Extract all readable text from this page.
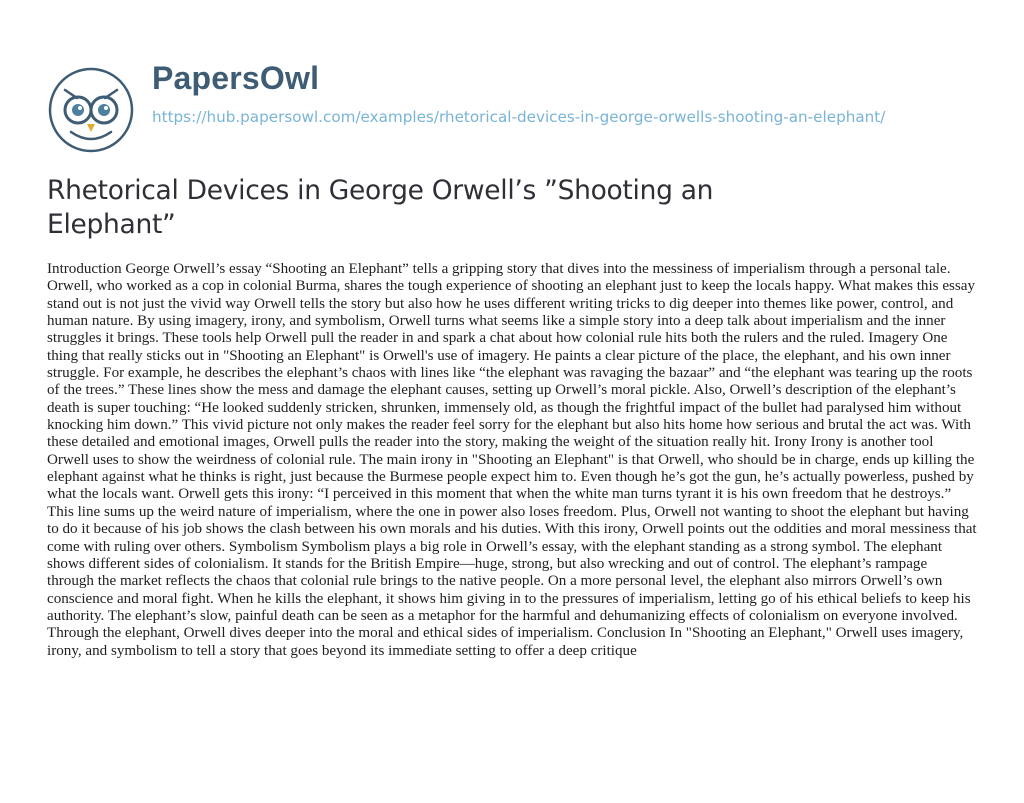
PapersOwl
https://hub.papersowl.com/examples/rhetorical-devices-in-george-orwells-shooting-an-elephant/
Rhetorical Devices in George Orwell’s ”Shooting an Elephant”

Introduction George Orwell’s essay “Shooting an Elephant” tells a gripping story that dives into the messiness of imperialism through a personal tale. Orwell, who worked as a cop in colonial Burma, shares the tough experience of shooting an elephant just to keep the locals happy. What makes this essay stand out is not just the vivid way Orwell tells the story but also how he uses different writing tricks to dig deeper into themes like power, control, and human nature. By using imagery, irony, and symbolism, Orwell turns what seems like a simple story into a deep talk about imperialism and the inner struggles it brings. These tools help Orwell pull the reader in and spark a chat about how colonial rule hits both the rulers and the ruled. Imagery One thing that really sticks out in "Shooting an Elephant" is Orwell's use of imagery. He paints a clear picture of the place, the elephant, and his own inner struggle. For example, he describes the elephant’s chaos with lines like “the elephant was ravaging the bazaar” and “the elephant was tearing up the roots of the trees.” These lines show the mess and damage the elephant causes, setting up Orwell’s moral pickle. Also, Orwell’s description of the elephant’s death is super touching: “He looked suddenly stricken, shrunken, immensely old, as though the frightful impact of the bullet had paralysed him without knocking him down.” This vivid picture not only makes the reader feel sorry for the elephant but also hits home how serious and brutal the act was. With these detailed and emotional images, Orwell pulls the reader into the story, making the weight of the situation really hit. Irony Irony is another tool Orwell uses to show the weirdness of colonial rule. The main irony in "Shooting an Elephant" is that Orwell, who should be in charge, ends up killing the elephant against what he thinks is right, just because the Burmese people expect him to. Even though he’s got the gun, he’s actually powerless, pushed by what the locals want. Orwell gets this irony: “I perceived in this moment that when the white man turns tyrant it is his own freedom that he destroys.” This line sums up the weird nature of imperialism, where the one in power also loses freedom. Plus, Orwell not wanting to shoot the elephant but having to do it because of his job shows the clash between his own morals and his duties. With this irony, Orwell points out the oddities and moral messiness that come with ruling over others. Symbolism Symbolism plays a big role in Orwell’s essay, with the elephant standing as a strong symbol. The elephant shows different sides of colonialism. It stands for the British Empire—huge, strong, but also wrecking and out of control. The elephant’s rampage through the market reflects the chaos that colonial rule brings to the native people. On a more personal level, the elephant also mirrors Orwell’s own conscience and moral fight. When he kills the elephant, it shows him giving in to the pressures of imperialism, letting go of his ethical beliefs to keep his authority. The elephant’s slow, painful death can be seen as a metaphor for the harmful and dehumanizing effects of colonialism on everyone involved. Through the elephant, Orwell dives deeper into the moral and ethical sides of imperialism. Conclusion In "Shooting an Elephant," Orwell uses imagery, irony, and symbolism to tell a story that goes beyond its immediate setting to offer a deep critique
